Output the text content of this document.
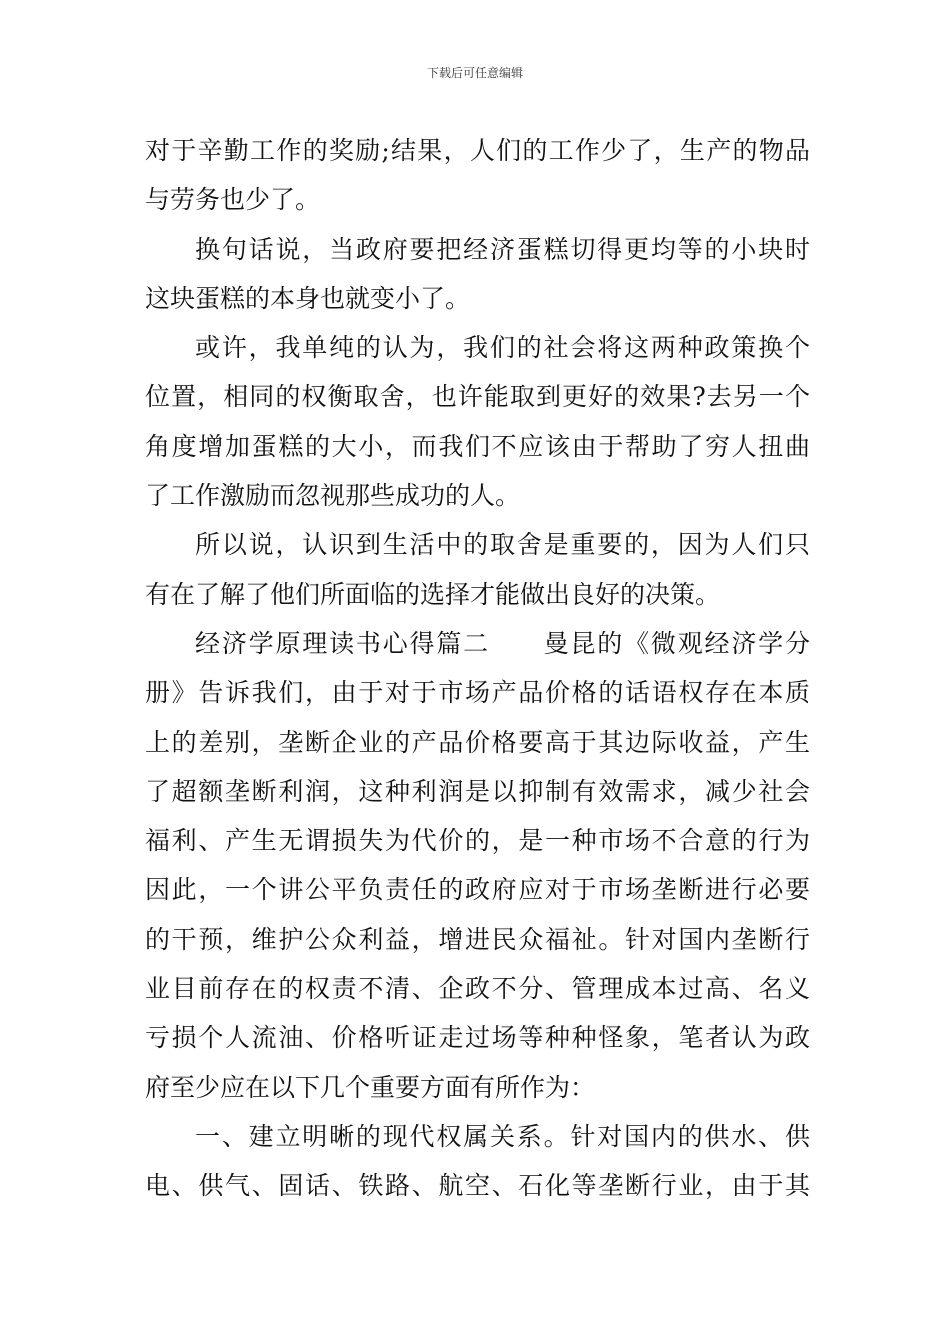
下载后可任意编辑
对于辛勤工作的奖励;结果，人们的工作少了，生产的物品
与劳务也少了。
换句话说，当政府要把经济蛋糕切得更均等的小块时
这块蛋糕的本身也就变小了。
或许，我单纯的认为，我们的社会将这两种政策换个
位置，相同的权衡取舍，也许能取到更好的效果?去另一个
角度增加蛋糕的大小，而我们不应该由于帮助了穷人扭曲
了工作激励而忽视那些成功的人。
所以说，认识到生活中的取舍是重要的，因为人们只
有在了解了他们所面临的选择才能做出良好的决策。
经济学原理读书心得篇二　　曼昆的《微观经济学分
册》告诉我们，由于对于市场产品价格的话语权存在本质
上的差别，垄断企业的产品价格要高于其边际收益，产生
了超额垄断利润，这种利润是以抑制有效需求，减少社会
福利、产生无谓损失为代价的，是一种市场不合意的行为
因此，一个讲公平负责任的政府应对于市场垄断进行必要
的干预，维护公众利益，增进民众福祉。针对国内垄断行
业目前存在的权责不清、企政不分、管理成本过高、名义
亏损个人流油、价格听证走过场等种种怪象，笔者认为政
府至少应在以下几个重要方面有所作为：
一、建立明晰的现代权属关系。针对国内的供水、供
电、供气、固话、铁路、航空、石化等垄断行业，由于其
